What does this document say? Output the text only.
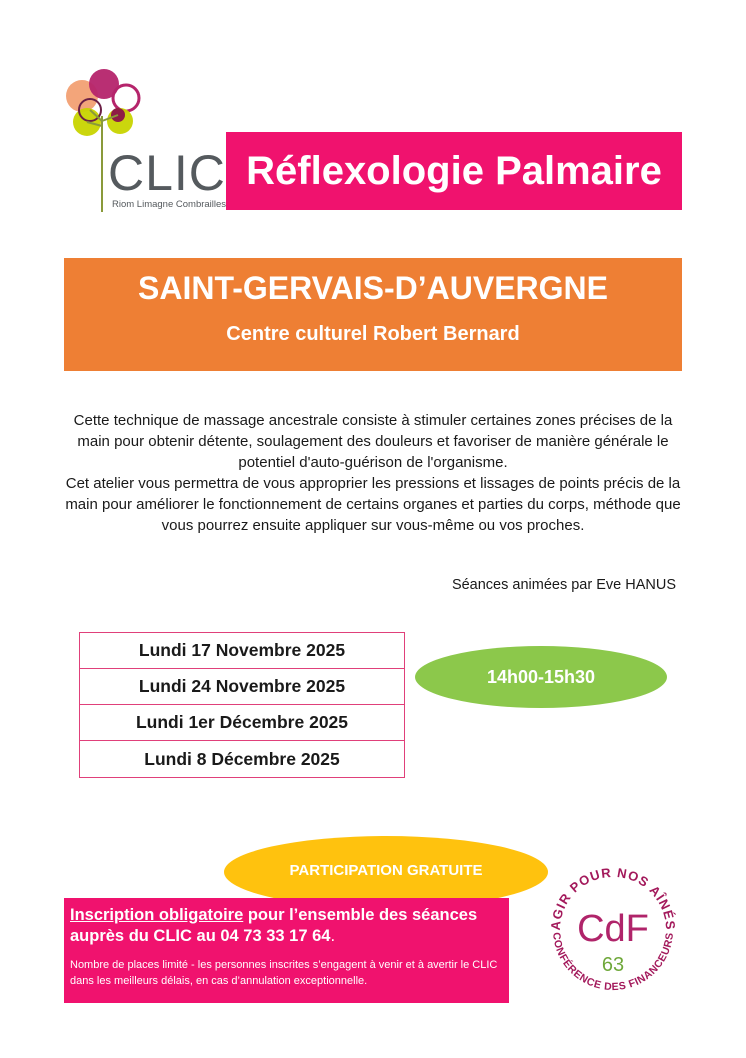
CLIC
Riom Limagne Combrailles
Réflexologie Palmaire
SAINT-GERVAIS-D’AUVERGNE
Centre culturel Robert Bernard

Cette technique de massage ancestrale consiste à stimuler certaines zones précises de la main pour obtenir détente, soulagement des douleurs et favoriser de manière générale le potentiel d'auto-guérison de l'organisme.

Cet atelier vous permettra de vous approprier les pressions et lissages de points précis de la main pour améliorer le fonctionnement de certains organes et parties du corps, méthode que vous pourrez ensuite appliquer sur vous-même ou vos proches.

Séances animées par Eve HANUS
Lundi 17 Novembre 2025
Lundi 24 Novembre 2025
Lundi 1er Décembre 2025
Lundi 8 Décembre 2025
14h00-15h30
PARTICIPATION GRATUITE
Inscription obligatoire pour l’ensemble des séances
auprès du CLIC au 04 73 33 17 64.
Nombre de places limité - les personnes inscrites s’engagent à venir et à avertir le CLIC dans les meilleurs délais, en cas d’annulation exceptionnelle.
AGIR POUR NOS AÎNÉS
CONFÉRENCE DES FINANCEURS
CdF
63
